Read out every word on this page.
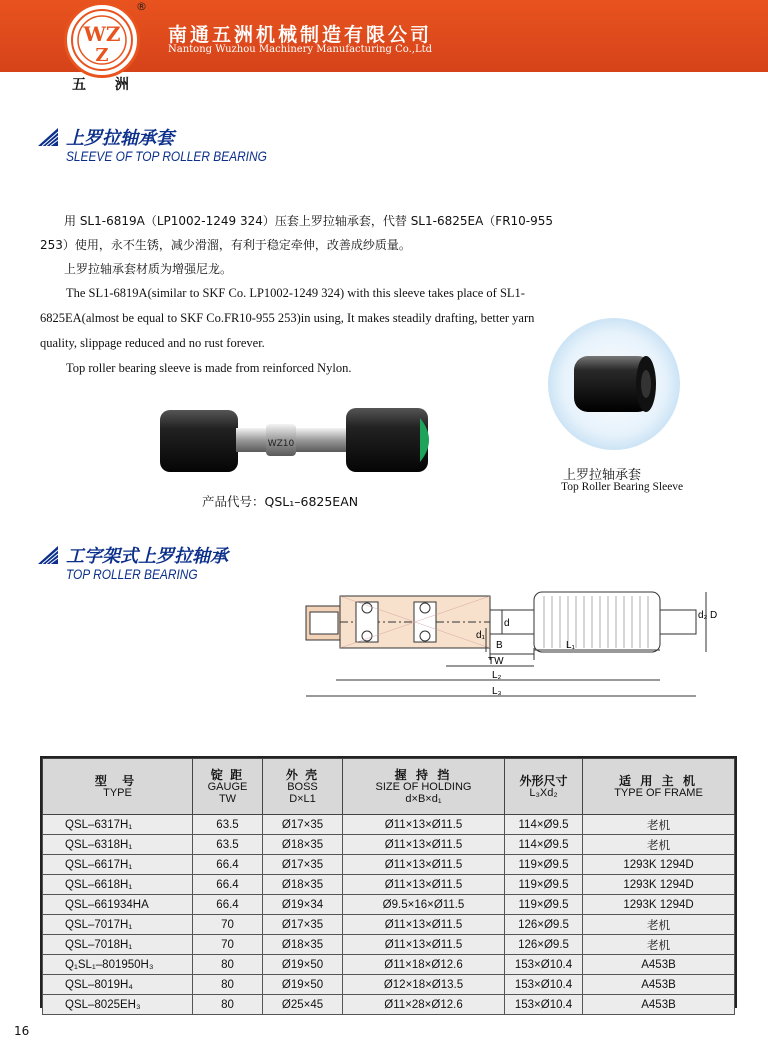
WZ
Z
®
南通五洲机械制造有限公司
Nantong Wuzhou Machinery Manufacturing Co.,Ltd
五 洲
上罗拉轴承套
SLEEVE OF TOP ROLLER BEARING

用 SL1-6819A（LP1002-1249 324）压套上罗拉轴承套，代替 SL1-6825EA（FR10-955 253）使用，永不生锈，减少滑溜，有利于稳定牵伸，改善成纱质量。

上罗拉轴承套材质为增强尼龙。

The SL1-6819A(similar to SKF Co. LP1002-1249 324) with this sleeve takes place of SL1-6825EA(almost be equal to SKF Co.FR10-955 253)in using, It makes steadily drafting, better yarn quality, slippage reduced and no rust forever.

Top roller bearing sleeve is made from reinforced Nylon.

WZ10
产品代号：QSL₁–6825EAN
上罗拉轴承套
Top Roller Bearing Sleeve
工字架式上罗拉轴承
TOP ROLLER BEARING
d
d₁
d₂ D
B	L₁
TW
L₂
L₃
型 号
TYPE	锭 距
GAUGE
TW	外 壳
BOSS
D×L1	握 持 挡
SIZE OF HOLDING
d×B×d₁	外形尺寸
L₃Xd₂	适 用 主 机
TYPE OF FRAME
QSL–6317H₁	63.5	Ø17×35	Ø11×13×Ø11.5	114×Ø9.5	老机
QSL–6318H₁	63.5	Ø18×35	Ø11×13×Ø11.5	114×Ø9.5	老机
QSL–6617H₁	66.4	Ø17×35	Ø11×13×Ø11.5	119×Ø9.5	1293K 1294D
QSL–6618H₁	66.4	Ø18×35	Ø11×13×Ø11.5	119×Ø9.5	1293K 1294D
QSL–661934HA	66.4	Ø19×34	Ø9.5×16×Ø11.5	119×Ø9.5	1293K 1294D
QSL–7017H₁	70	Ø17×35	Ø11×13×Ø11.5	126×Ø9.5	老机
QSL–7018H₁	70	Ø18×35	Ø11×13×Ø11.5	126×Ø9.5	老机
Q₁SL₁–801950H₃	80	Ø19×50	Ø11×18×Ø12.6	153×Ø10.4	A453B
QSL–8019H₄	80	Ø19×50	Ø12×18×Ø13.5	153×Ø10.4	A453B
QSL–8025EH₃	80	Ø25×45	Ø11×28×Ø12.6	153×Ø10.4	A453B
16
